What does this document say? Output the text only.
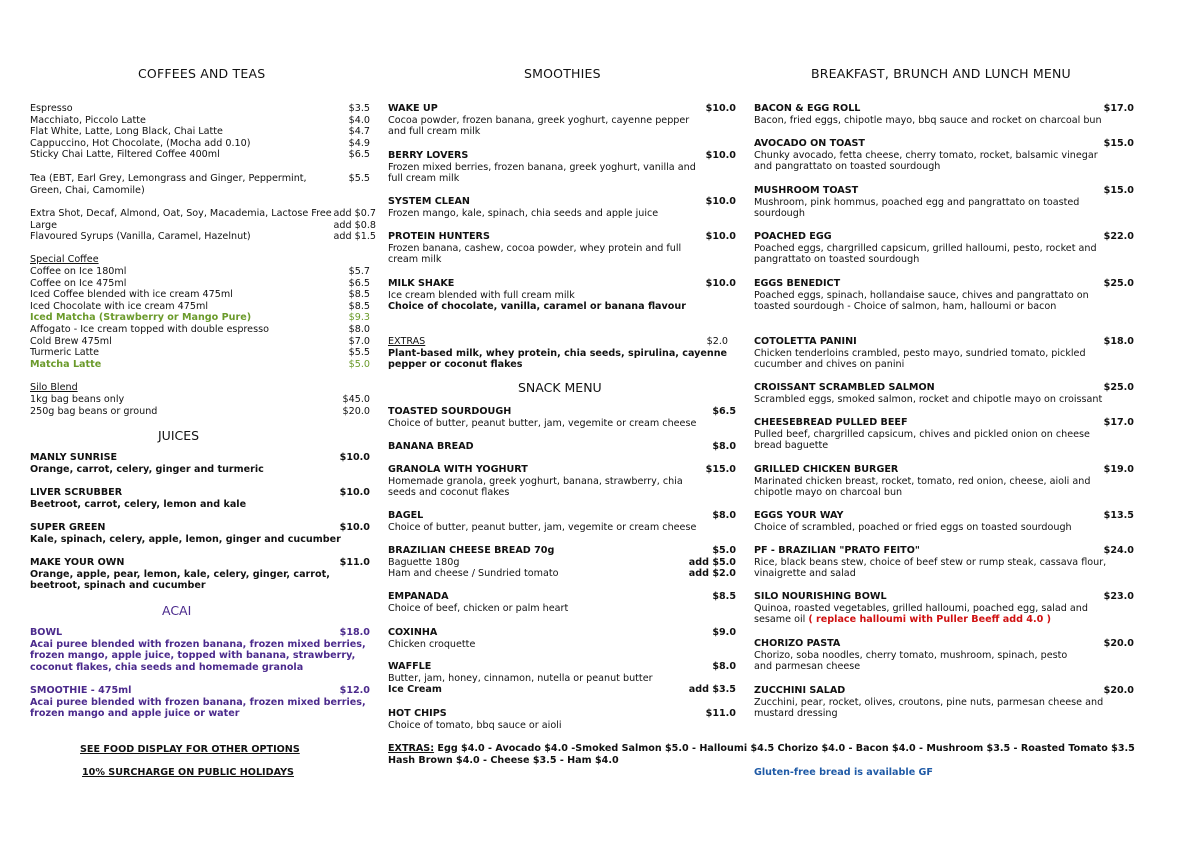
COFFEES AND TEAS	SMOOTHIES	BREAKFAST, BRUNCH AND LUNCH MENU
Espresso	$3.5
Macchiato, Piccolo Latte	$4.0
Flat White, Latte, Long Black, Chai Latte	$4.7
Cappuccino, Hot Chocolate, (Mocha add 0.10)	$4.9
Sticky Chai Latte, Filtered Coffee 400ml	$6.5
Tea (EBT, Earl Grey, Lemongrass and Ginger, Peppermint,
Green, Chai, Camomile)
$5.5
Extra Shot, Decaf, Almond, Oat, Soy, Macademia, Lactose Free add $0.7
Large	add $0.8
Flavoured Syrups (Vanilla, Caramel, Hazelnut)	add $1.5
Special Coffee
Coffee on Ice 180ml	$5.7
Coffee on Ice 475ml	$6.5
Iced Coffee blended with ice cream 475ml	$8.5
Iced Chocolate with ice cream 475ml	$8.5
Iced Matcha (Strawberry or Mango Pure)	$9.3
Affogato - Ice cream topped with double espresso	$8.0
Cold Brew 475ml	$7.0
Turmeric Latte	$5.5
Matcha Latte	$5.0
Silo Blend
1kg bag beans only	$45.0
250g bag beans or ground	$20.0
JUICES
MANLY SUNRISE	$10.0
Orange, carrot, celery, ginger and turmeric
LIVER SCRUBBER	$10.0
Beetroot, carrot, celery, lemon and kale
SUPER GREEN	$10.0
Kale, spinach, celery, apple, lemon, ginger and cucumber
MAKE YOUR OWN	$11.0
Orange, apple, pear, lemon, kale, celery, ginger, carrot,
beetroot, spinach and cucumber
ACAI
BOWL	$18.0
Acai puree blended with frozen banana, frozen mixed berries,
frozen mango, apple juice, topped with banana, strawberry,
coconut flakes, chia seeds and homemade granola
SMOOTHIE - 475ml	$12.0
Acai puree blended with frozen banana, frozen mixed berries,
frozen mango and apple juice or water
SEE FOOD DISPLAY FOR OTHER OPTIONS
10% SURCHARGE ON PUBLIC HOLIDAYS
WAKE UP	$10.0
Cocoa powder, frozen banana, greek yoghurt, cayenne pepper
and full cream milk
BERRY LOVERS	$10.0
Frozen mixed berries, frozen banana, greek yoghurt, vanilla and
full cream milk
SYSTEM CLEAN	$10.0
Frozen mango, kale, spinach, chia seeds and apple juice
PROTEIN HUNTERS	$10.0
Frozen banana, cashew, cocoa powder, whey protein and full
cream milk
MILK SHAKE	$10.0
Ice cream blended with full cream milk
Choice of chocolate, vanilla, caramel or banana flavour
EXTRAS	$2.0
Plant-based milk, whey protein, chia seeds, spirulina, cayenne
pepper or coconut flakes
SNACK MENU
TOASTED SOURDOUGH	$6.5
Choice of butter, peanut butter, jam, vegemite or cream cheese
BANANA BREAD	$8.0
GRANOLA WITH YOGHURT	$15.0
Homemade granola, greek yoghurt, banana, strawberry, chia
seeds and coconut flakes
BAGEL	$8.0
Choice of butter, peanut butter, jam, vegemite or cream cheese
BRAZILIAN CHEESE BREAD 70g	$5.0
Baguette 180g	add $5.0
Ham and cheese / Sundried tomato	add $2.0
EMPANADA	$8.5
Choice of beef, chicken or palm heart
COXINHA	$9.0
Chicken croquette
WAFFLE	$8.0
Butter, jam, honey, cinnamon, nutella or peanut butter
Ice Cream	add $3.5
HOT CHIPS	$11.0
Choice of tomato, bbq sauce or aioli
EXTRAS: Egg $4.0 - Avocado $4.0 -Smoked Salmon $5.0 - Halloumi $4.5 Chorizo $4.0 - Bacon $4.0 - Mushroom $3.5 - Roasted Tomato $3.5
Hash Brown $4.0 - Cheese $3.5 - Ham $4.0
BACON & EGG ROLL	$17.0
Bacon, fried eggs, chipotle mayo, bbq sauce and rocket on charcoal bun
AVOCADO ON TOAST	$15.0
Chunky avocado, fetta cheese, cherry tomato, rocket, balsamic vinegar
and pangrattato on toasted sourdough
MUSHROOM TOAST	$15.0
Mushroom, pink hommus, poached egg and pangrattato on toasted
sourdough
POACHED EGG	$22.0
Poached eggs, chargrilled capsicum, grilled halloumi, pesto, rocket and
pangrattato on toasted sourdough
EGGS BENEDICT	$25.0
Poached eggs, spinach, hollandaise sauce, chives and pangrattato on
toasted sourdough - Choice of salmon, ham, halloumi or bacon
COTOLETTA PANINI	$18.0
Chicken tenderloins crambled, pesto mayo, sundried tomato, pickled
cucumber and chives on panini
CROISSANT SCRAMBLED SALMON	$25.0
Scrambled eggs, smoked salmon, rocket and chipotle mayo on croissant
CHEESEBREAD PULLED BEEF	$17.0
Pulled beef, chargrilled capsicum, chives and pickled onion on cheese
bread baguette
GRILLED CHICKEN BURGER	$19.0
Marinated chicken breast, rocket, tomato, red onion, cheese, aioli and
chipotle mayo on charcoal bun
EGGS YOUR WAY	$13.5
Choice of scrambled, poached or fried eggs on toasted sourdough
PF - BRAZILIAN "PRATO FEITO"	$24.0
Rice, black beans stew, choice of beef stew or rump steak, cassava flour,
vinaigrette and salad
SILO NOURISHING BOWL	$23.0
Quinoa, roasted vegetables, grilled halloumi, poached egg, salad and
sesame oil ( replace halloumi with Puller Beeff add 4.0 )
CHORIZO PASTA	$20.0
Chorizo, soba noodles, cherry tomato, mushroom, spinach, pesto
and parmesan cheese
ZUCCHINI SALAD	$20.0
Zucchini, pear, rocket, olives, croutons, pine nuts, parmesan cheese and
mustard dressing
Gluten-free bread is available GF
